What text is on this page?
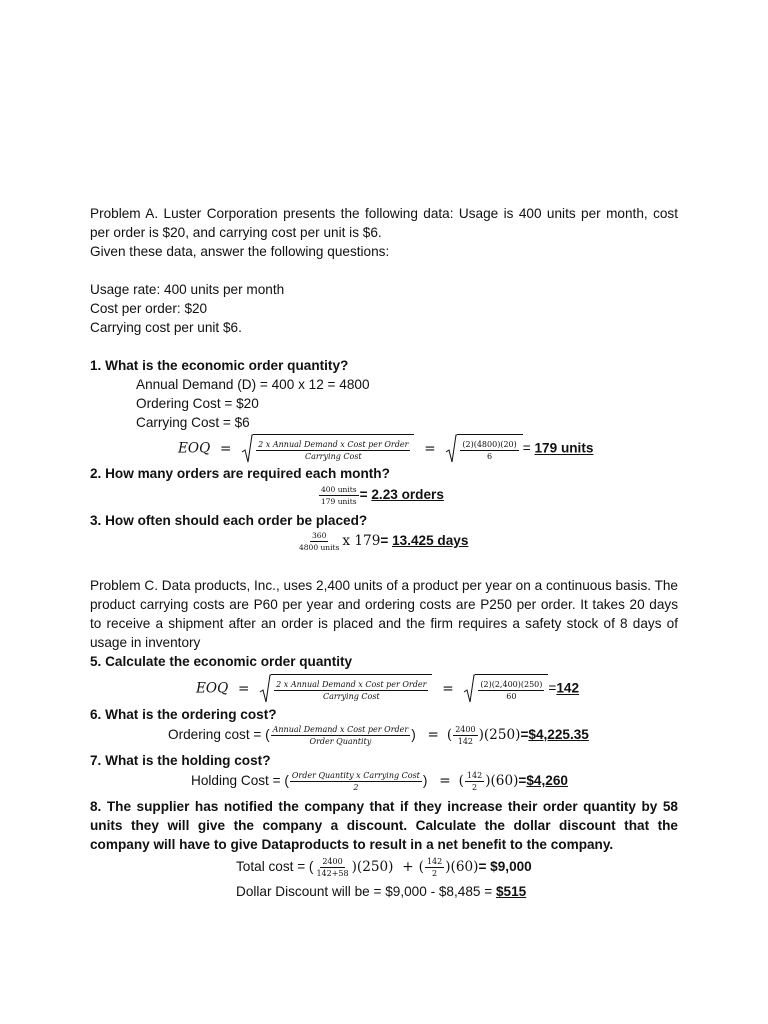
Problem A. Luster Corporation presents the following data: Usage is 400 units per month, cost per order is $20, and carrying cost per unit is $6.
Given these data, answer the following questions:
Usage rate: 400 units per month
Cost per order: $20
Carrying cost per unit $6.
1. What is the economic order quantity?
Annual Demand (D) = 400 x 12 = 4800
Ordering Cost = $20
Carrying Cost = $6
EOQ =	$\frac{\text{2 x Annual Demand x Cost per Order}}{\text{Carrying Cost}}$ =	$\frac{(2)(4800)(20)}{6} = 179$ units
2. How many orders are required each month?
$\frac{\text{400 units}}{\text{179 units}} = 2.23$ orders
3. How often should each order be placed?
$\frac{360}{\text{4800 units}}$ x 179= 13.425 days
Problem C. Data products, Inc., uses 2,400 units of a product per year on a continuous basis. The product carrying costs are P60 per year and ordering costs are P250 per order. It takes 20 days to receive a shipment after an order is placed and the firm requires a safety stock of 8 days of usage in inventory
5. Calculate the economic order quantity
EOQ =	$\frac{\text{2 x Annual Demand x Cost per Order}}{\text{Carrying Cost}}$ =	$\frac{(2)(2,400)(250)}{60} =142$
6. What is the ordering cost?
Ordering cost = ( $\frac{\text{Annual Demand x Cost per Order}}{\text{Order Quantity}}$ ) = ( $\frac{2400}{142}$ )(250)=$4,225.35
7. What is the holding cost?
Holding Cost = ( $\frac{\text{Order Quantity x Carrying Cost}}{2}$ ) = ( $\frac{142}{2}$ )(60)=$4,260
8. The supplier has notified the company that if they increase their order quantity by 58 units they will give the company a discount. Calculate the dollar discount that the company will have to give Dataproducts to result in a net benefit to the company.
Total cost = ( $\frac{2400}{142+58} )(250)$ + ( $\frac{142}{2} )(60)=$ $9,000
Dollar Discount will be = $9,000 - $8,485 = $515
